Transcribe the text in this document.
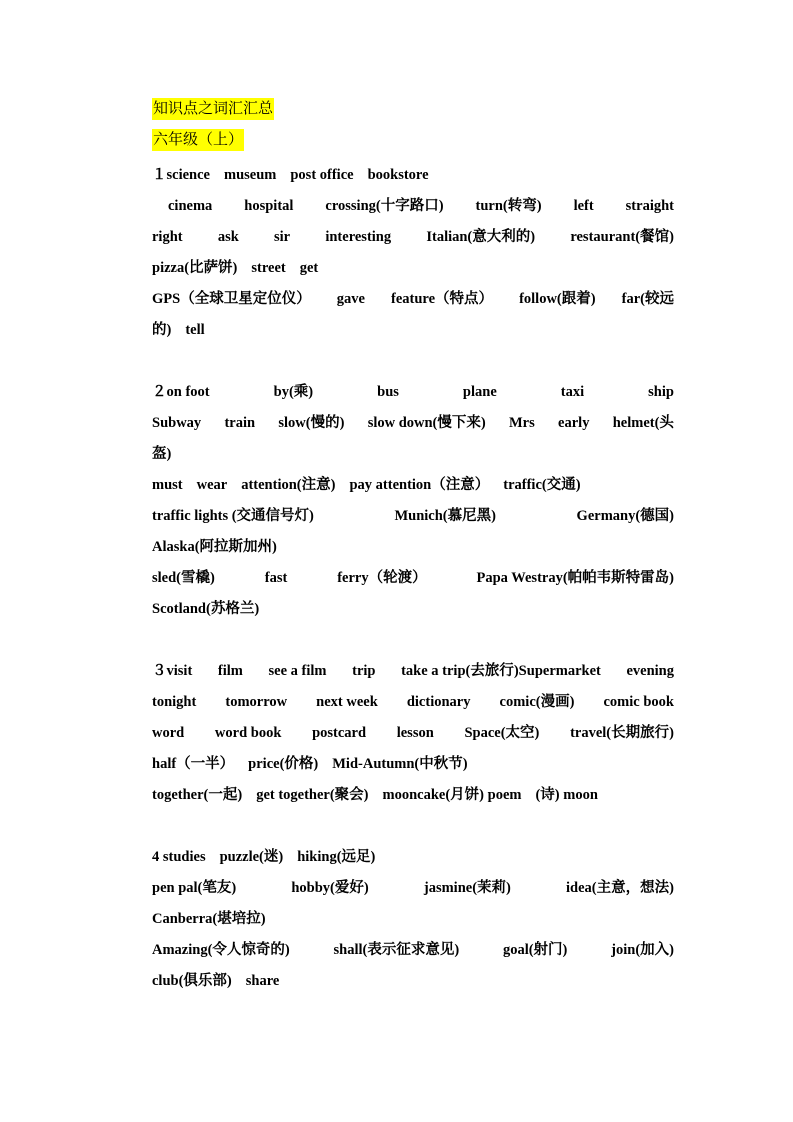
知识点之词汇汇总
六年级（上）
１science museum post office bookstore
cinema hospital crossing(十字路口) turn(转弯) left straight
right ask sir interesting Italian(意大利的) restaurant(餐馆)
pizza(比萨饼) street get
GPS（全球卫星定位仪） gave feature（特点） follow(跟着) far(较远
的) tell
２on foot	by(乘)	bus	plane	taxi	ship
Subway train slow(慢的) slow down(慢下来) Mrs early helmet(头
盔)
must wear attention(注意) pay attention（注意） traffic(交通)
traffic lights (交通信号灯)	Munich(慕尼黑)	Germany(德国)
Alaska(阿拉斯加州)
sled(雪橇)	fast	ferry（轮渡）	Papa Westray(帕帕韦斯特雷岛)
Scotland(苏格兰)
３visit film see a film trip take a trip(去旅行)Supermarket evening
tonight tomorrow next week dictionary comic(漫画) comic book
word word book postcard lesson Space(太空) travel(长期旅行)
half（一半） price(价格) Mid-Autumn(中秋节)
together(一起) get together(聚会) mooncake(月饼) poem (诗) moon
4 studies puzzle(迷) hiking(远足)
pen pal(笔友)	hobby(爱好)	jasmine(茉莉)	idea(主意，想法)
Canberra(堪培拉)
Amazing(令人惊奇的)	shall(表示征求意见)	goal(射门)	join(加入)
club(俱乐部) share
